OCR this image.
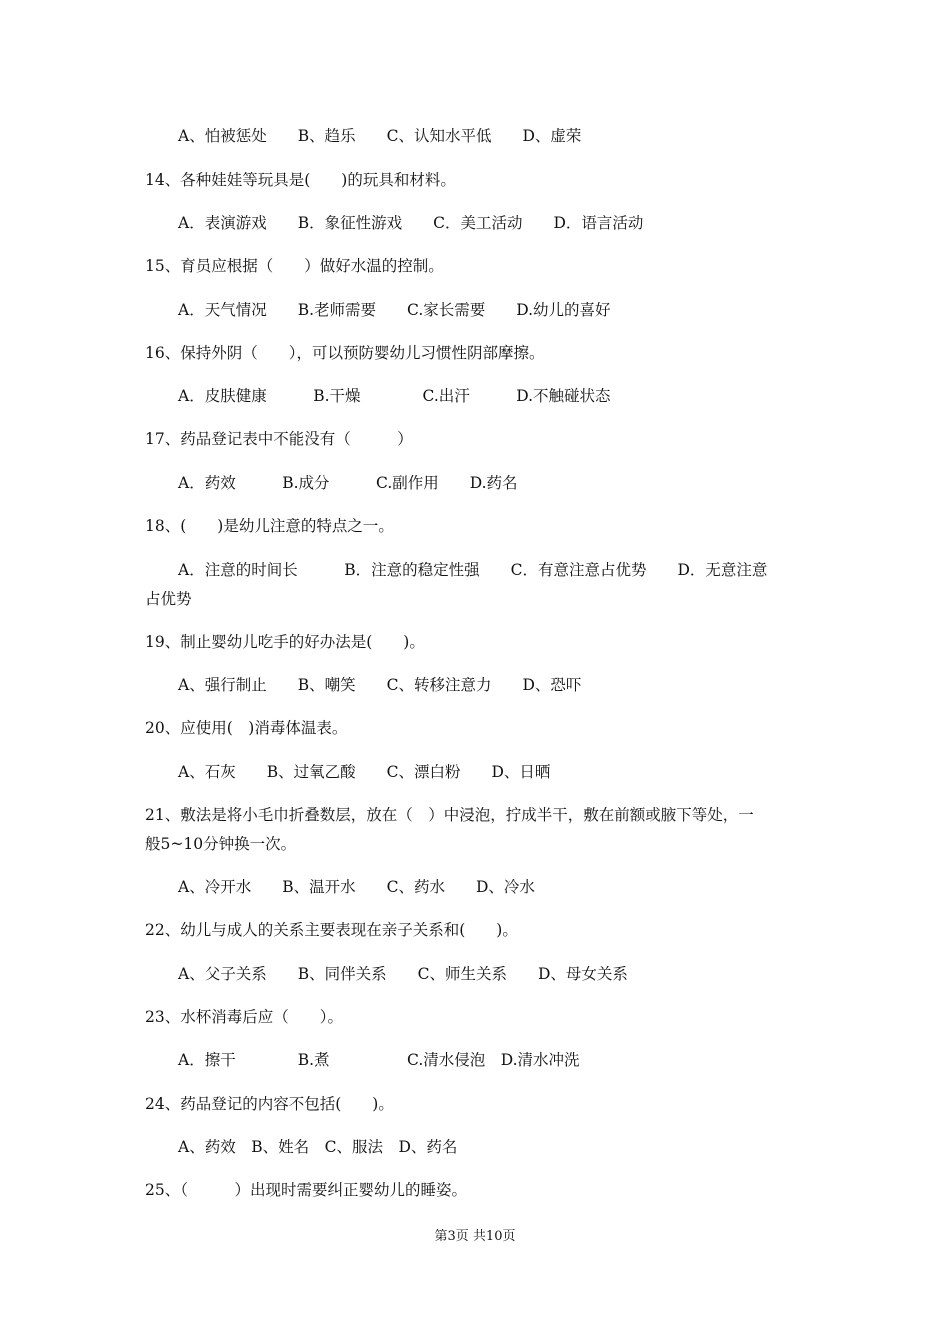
A、怕被惩处　　B、趋乐　　C、认知水平低　　D、虚荣
14、各种娃娃等玩具是(　　)的玩具和材料。
A．表演游戏　　B．象征性游戏　　C．美工活动　　D．语言活动
15、育员应根据（　　）做好水温的控制。
A．天气情况　　B.老师需要　　C.家长需要　　D.幼儿的喜好
16、保持外阴（　　），可以预防婴幼儿习惯性阴部摩擦。
A．皮肤健康　　　B.干燥　　　　C.出汗　　　D.不触碰状态
17、药品登记表中不能没有（　　　）
A．药效　　　B.成分　　　C.副作用　　D.药名
18、(　　)是幼儿注意的特点之一。
A．注意的时间长　　　B．注意的稳定性强　　C．有意注意占优势　　D．无意注意
占优势
19、制止婴幼儿吃手的好办法是(　　)。
A、强行制止　　B、嘲笑　　C、转移注意力　　D、恐吓
20、应使用(　)消毒体温表。
A、石灰　　B、过氧乙酸　　C、漂白粉　　D、日晒
21、敷法是将小毛巾折叠数层，放在（　）中浸泡，拧成半干，敷在前额或腋下等处，一
般5~10分钟换一次。
A、冷开水　　B、温开水　　C、药水　　D、冷水
22、幼儿与成人的关系主要表现在亲子关系和(　　)。
A、父子关系　　B、同伴关系　　C、师生关系　　D、母女关系
23、水杯消毒后应（　　）。
A．擦干　　　　B.煮　　　　　C.清水侵泡　D.清水冲洗
24、药品登记的内容不包括(　　)。
A、药效　B、姓名　C、服法　D、药名
25、（　　　）出现时需要纠正婴幼儿的睡姿。
第3页 共10页
